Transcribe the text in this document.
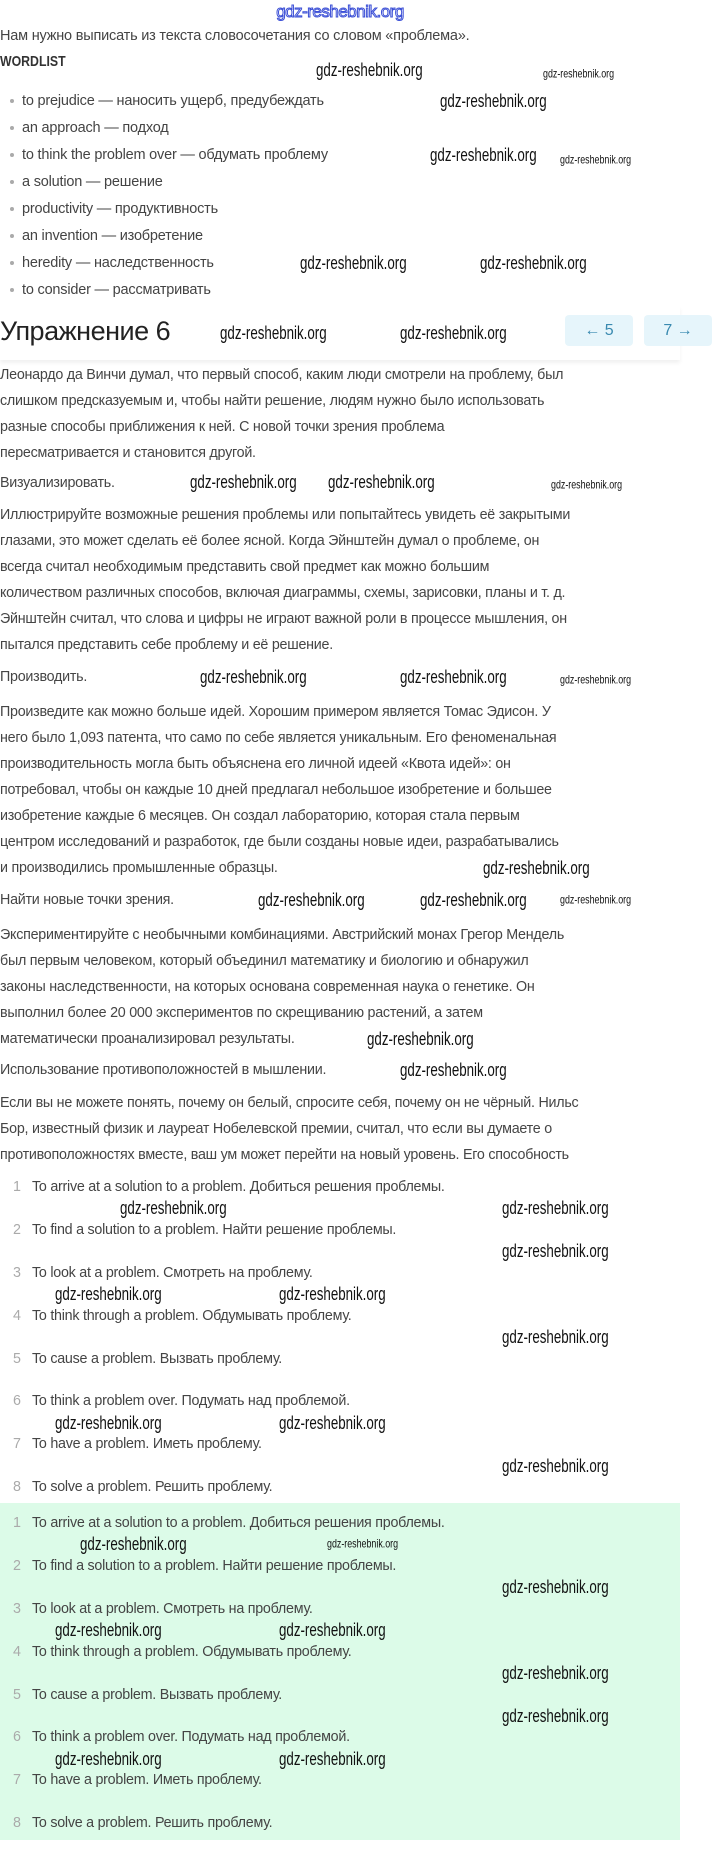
gdz-reshebnik.org
Нам нужно выписать из текста словосочетания со словом «проблема».
WORDLIST
to prejudice — наносить ущерб, предубеждать
an approach — подход
to think the problem over — обдумать проблему
a solution — решение
productivity — продуктивность
an invention — изобретение
heredity — наследственность
to consider — рассматривать
Леонардо да Винчи думал, что первый способ, каким люди смотрели на проблему, был
слишком предсказуемым и, чтобы найти решение, людям нужно было использовать
разные способы приближения к ней. С новой точки зрения проблема
пересматривается и становится другой.
Визуализировать.
Иллюстрируйте возможные решения проблемы или попытайтесь увидеть её закрытыми
глазами, это может сделать её более ясной. Когда Эйнштейн думал о проблеме, он
всегда считал необходимым представить свой предмет как можно большим
количеством различных способов, включая диаграммы, схемы, зарисовки, планы и т. д.
Эйнштейн считал, что слова и цифры не играют важной роли в процессе мышления, он
пытался представить себе проблему и её решение.
Производить.
Произведите как можно больше идей. Хорошим примером является Томас Эдисон. У
него было 1,093 патента, что само по себе является уникальным. Его феноменальная
производительность могла быть объяснена его личной идеей «Квота идей»: он
потребовал, чтобы он каждые 10 дней предлагал небольшое изобретение и большее
изобретение каждые 6 месяцев. Он создал лабораторию, которая стала первым
центром исследований и разработок, где были созданы новые идеи, разрабатывались
и производились промышленные образцы.
Найти новые точки зрения.
Экспериментируйте с необычными комбинациями. Австрийский монах Грегор Мендель
был первым человеком, который объединил математику и биологию и обнаружил
законы наследственности, на которых основана современная наука о генетике. Он
выполнил более 20 000 экспериментов по скрещиванию растений, а затем
математически проанализировал результаты.
Использование противоположностей в мышлении.
Если вы не можете понять, почему он белый, спросите себя, почему он не чёрный. Нильс
Бор, известный физик и лауреат Нобелевской премии, считал, что если вы думаете о
противоположностях вместе, ваш ум может перейти на новый уровень. Его способность
1 To arrive at a solution to a problem. Добиться решения проблемы.
2 To find a solution to a problem. Найти решение проблемы.
3 To look at a problem. Смотреть на проблему.
4 To think through a problem. Обдумывать проблему.
5 To cause a problem. Вызвать проблему.
6 To think a problem over. Подумать над проблемой.
7 To have a problem. Иметь проблему.
8 To solve a problem. Решить проблему.
1 To arrive at a solution to a problem. Добиться решения проблемы.
2 To find a solution to a problem. Найти решение проблемы.
3 To look at a problem. Смотреть на проблему.
4 To think through a problem. Обдумывать проблему.
5 To cause a problem. Вызвать проблему.
6 To think a problem over. Подумать над проблемой.
7 To have a problem. Иметь проблему.
8 To solve a problem. Решить проблему.
Упражнение 6	← 5	7 →
gdz-reshebnik.org	gdz-reshebnik.org
gdz-reshebnik.org
gdz-reshebnik.org gdz-reshebnik.org
gdz-reshebnik.org	gdz-reshebnik.org
gdz-reshebnik.org	gdz-reshebnik.org
gdz-reshebnik.org	gdz-reshebnik.org
gdz-reshebnik.org
gdz-reshebnik.org	gdz-reshebnik.org	gdz-reshebnik.org
gdz-reshebnik.org
gdz-reshebnik.org	gdz-reshebnik.org	gdz-reshebnik.org
gdz-reshebnik.org
gdz-reshebnik.org
gdz-reshebnik.org	gdz-reshebnik.org
gdz-reshebnik.org
gdz-reshebnik.org	gdz-reshebnik.org
gdz-reshebnik.org
gdz-reshebnik.org	gdz-reshebnik.org
gdz-reshebnik.org
gdz-reshebnik.org	gdz-reshebnik.org
gdz-reshebnik.org
gdz-reshebnik.org	gdz-reshebnik.org
gdz-reshebnik.org
gdz-reshebnik.org
gdz-reshebnik.org	gdz-reshebnik.org
